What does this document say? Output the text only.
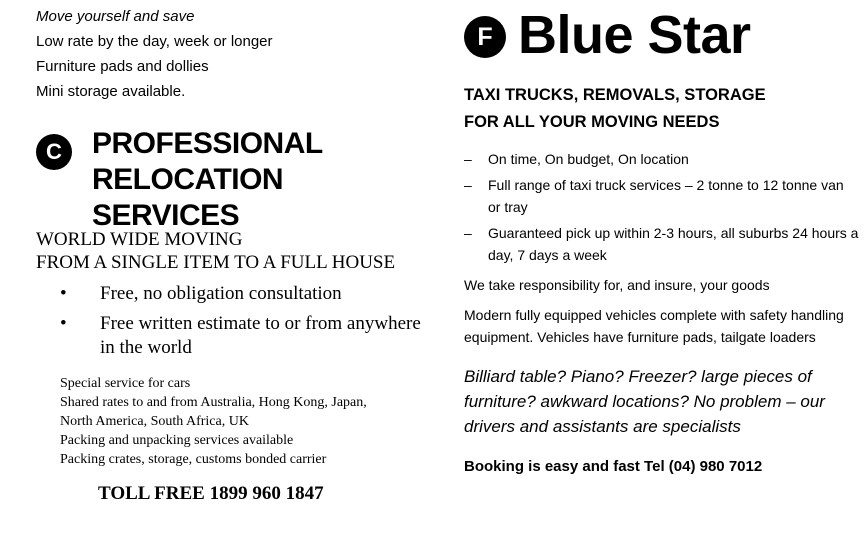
Move yourself and save
Low rate by the day, week or longer
Furniture pads and dollies
Mini storage available.
C	PROFESSIONAL
RELOCATION SERVICES
WORLD WIDE MOVING
FROM A SINGLE ITEM TO A FULL HOUSE
• Free, no obligation consultation
• Free written estimate to or from anywhere in the world
Special service for cars
Shared rates to and from Australia, Hong Kong, Japan,
North America, South Africa, UK
Packing and unpacking services available
Packing crates, storage, customs bonded carrier
TOLL FREE 1899 960 1847
F Blue Star
TAXI TRUCKS, REMOVALS, STORAGE
FOR ALL YOUR MOVING NEEDS
– On time, On budget, On location
– Full range of taxi truck services – 2 tonne to 12 tonne van or tray
– Guaranteed pick up within 2-3 hours, all suburbs 24 hours a day, 7 days a week
We take responsibility for, and insure, your goods
Modern fully equipped vehicles complete with safety handling equipment. Vehicles have furniture pads, tailgate loaders
Billiard table? Piano? Freezer? large pieces of furniture? awkward locations? No problem – our drivers and assistants are specialists
Booking is easy and fast Tel (04) 980 7012
